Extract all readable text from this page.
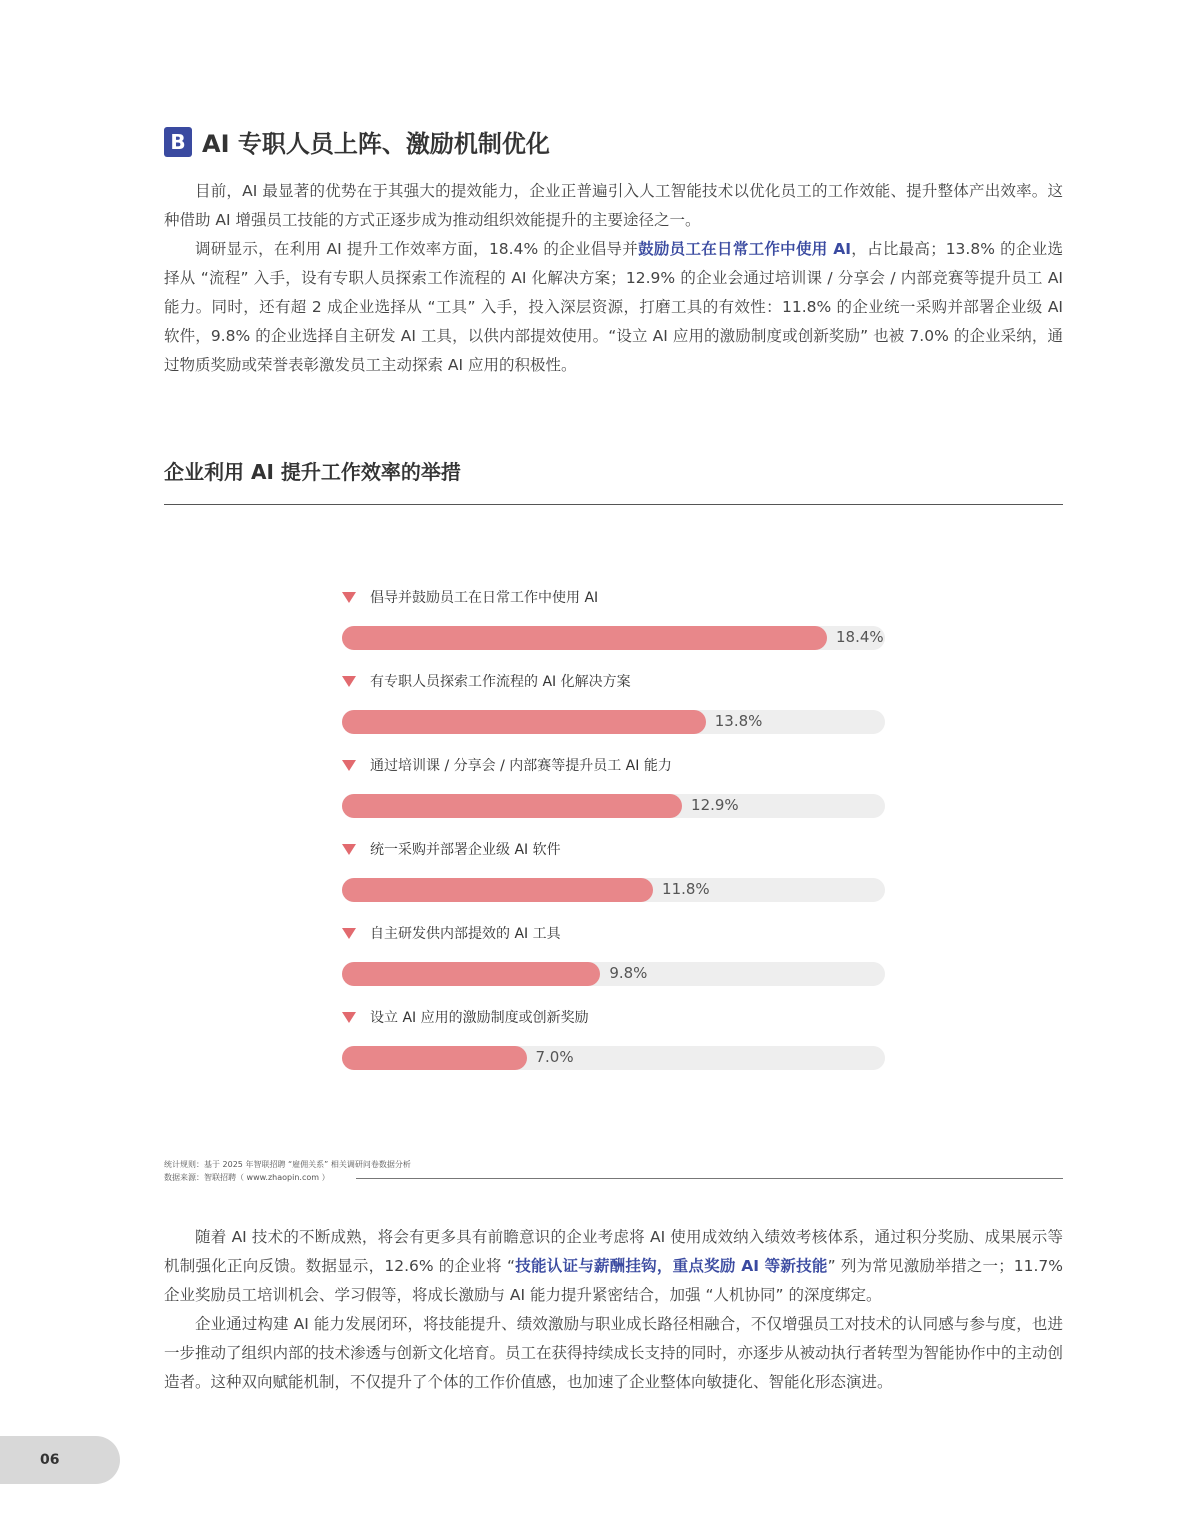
B AI 专职人员上阵、激励机制优化

目前，AI 最显著的优势在于其强大的提效能力，企业正普遍引入人工智能技术以优化员工的工作效能、提升整体产出效率。这种借助 AI 增强员工技能的方式正逐步成为推动组织效能提升的主要途径之一。

调研显示，在利用 AI 提升工作效率方面，18.4% 的企业倡导并鼓励员工在日常工作中使用 AI，占比最高；13.8% 的企业选择从 “流程” 入手，设有专职人员探索工作流程的 AI 化解决方案；12.9% 的企业会通过培训课 / 分享会 / 内部竞赛等提升员工 AI 能力。同时，还有超 2 成企业选择从 “工具” 入手，投入深层资源，打磨工具的有效性：11.8% 的企业统一采购并部署企业级 AI 软件，9.8% 的企业选择自主研发 AI 工具，以供内部提效使用。“设立 AI 应用的激励制度或创新奖励” 也被 7.0% 的企业采纳，通过物质奖励或荣誉表彰激发员工主动探索 AI 应用的积极性。

企业利用 AI 提升工作效率的举措
倡导并鼓励员工在日常工作中使用 AI
18.4%
有专职人员探索工作流程的 AI 化解决方案
13.8%
通过培训课 / 分享会 / 内部赛等提升员工 AI 能力
12.9%
统一采购并部署企业级 AI 软件
11.8%
自主研发供内部提效的 AI 工具
9.8%
设立 AI 应用的激励制度或创新奖励
7.0%
统计规则：基于 2025 年智联招聘 “雇佣关系” 相关调研问卷数据分析
数据来源：智联招聘（ www.zhaopin.com ）

随着 AI 技术的不断成熟，将会有更多具有前瞻意识的企业考虑将 AI 使用成效纳入绩效考核体系，通过积分奖励、成果展示等机制强化正向反馈。数据显示，12.6% 的企业将 “技能认证与薪酬挂钩，重点奖励 AI 等新技能” 列为常见激励举措之一；11.7% 企业奖励员工培训机会、学习假等，将成长激励与 AI 能力提升紧密结合，加强 “人机协同” 的深度绑定。

企业通过构建 AI 能力发展闭环，将技能提升、绩效激励与职业成长路径相融合，不仅增强员工对技术的认同感与参与度，也进一步推动了组织内部的技术渗透与创新文化培育。员工在获得持续成长支持的同时，亦逐步从被动执行者转型为智能协作中的主动创造者。这种双向赋能机制，不仅提升了个体的工作价值感，也加速了企业整体向敏捷化、智能化形态演进。

06
